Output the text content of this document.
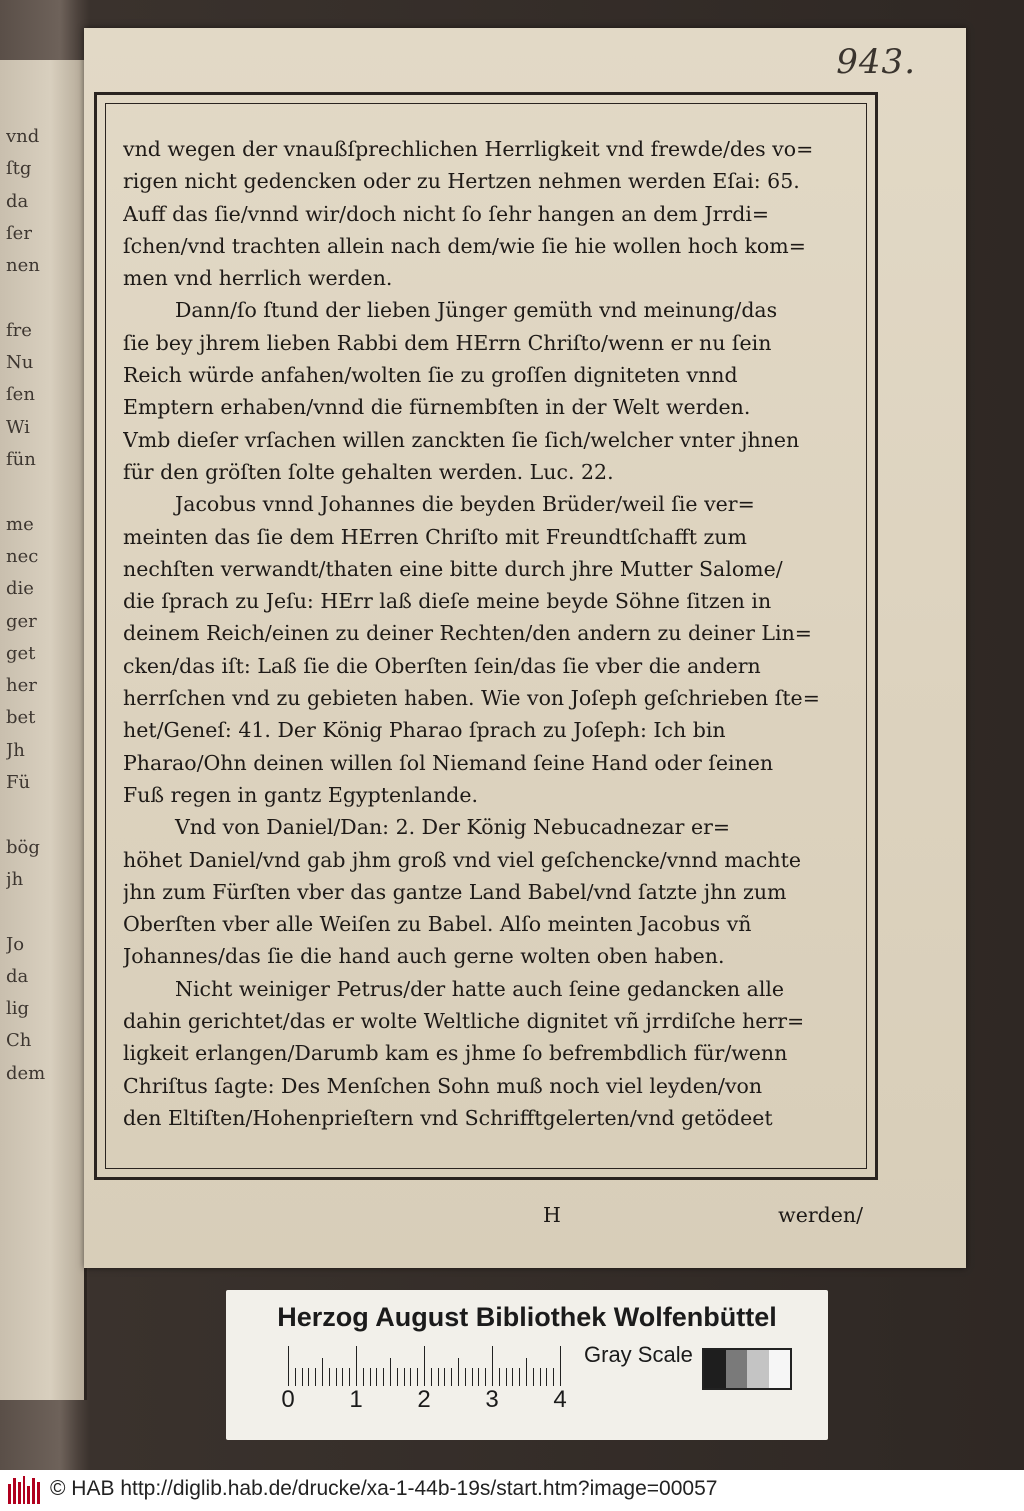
vnd
ſtg
da
ſer
nen
fre
Nu
ſen
Wi
fün
me
nec
die
ger
get
her
bet
Jh
Fü
bög
jh
Jo
da
lig
Ch
dem
943.
vnd wegen der vnaußſprechlichen Herrligkeit vnd frewde/des vo=
rigen nicht gedencken oder zu Hertzen nehmen werden Eſai: 65.
Auff das ſie/vnnd wir/doch nicht ſo ſehr hangen an dem Jrrdi=
ſchen/vnd trachten allein nach dem/wie ſie hie wollen hoch kom=
men vnd herrlich werden.
Dann/ſo ſtund der lieben Jünger gemüth vnd meinung/das
ſie bey jhrem lieben Rabbi dem HErrn Chriſto/wenn er nu ſein
Reich würde anfahen/wolten ſie zu groſſen digniteten vnnd
Emptern erhaben/vnnd die fürnembſten in der Welt werden.
Vmb dieſer vrſachen willen zanckten ſie ſich/welcher vnter jhnen
für den gröſten ſolte gehalten werden. Luc. 22.
Jacobus vnnd Johannes die beyden Brüder/weil ſie ver=
meinten das ſie dem HErren Chriſto mit Freundtſchafft zum
nechſten verwandt/thaten eine bitte durch jhre Mutter Salome/
die ſprach zu Jeſu: HErr laß dieſe meine beyde Söhne ſitzen in
deinem Reich/einen zu deiner Rechten/den andern zu deiner Lin=
cken/das iſt: Laß ſie die Oberſten ſein/das ſie vber die andern
herrſchen vnd zu gebieten haben. Wie von Joſeph geſchrieben ſte=
het/Geneſ: 41. Der König Pharao ſprach zu Joſeph: Ich bin
Pharao/Ohn deinen willen ſol Niemand ſeine Hand oder ſeinen
Fuß regen in gantz Egyptenlande.
Vnd von Daniel/Dan: 2. Der König Nebucadnezar er=
höhet Daniel/vnd gab jhm groß vnd viel geſchencke/vnnd machte
jhn zum Fürſten vber das gantze Land Babel/vnd ſatzte jhn zum
Oberſten vber alle Weiſen zu Babel. Alſo meinten Jacobus vñ
Johannes/das ſie die hand auch gerne wolten oben haben.
Nicht weiniger Petrus/der hatte auch ſeine gedancken alle
dahin gerichtet/das er wolte Weltliche dignitet vñ jrrdiſche herr=
ligkeit erlangen/Darumb kam es jhme ſo befrembdlich für/wenn
Chriſtus ſagte: Des Menſchen Sohn muß noch viel leyden/von
den Eltiſten/Hohenprieſtern vnd Schrifftgelerten/vnd getödeet
H	werden/
Herzog August Bibliothek Wolfenbüttel
0 1 2 3 4
Gray Scale
© HAB http://diglib.hab.de/drucke/xa-1-44b-19s/start.htm?image=00057
